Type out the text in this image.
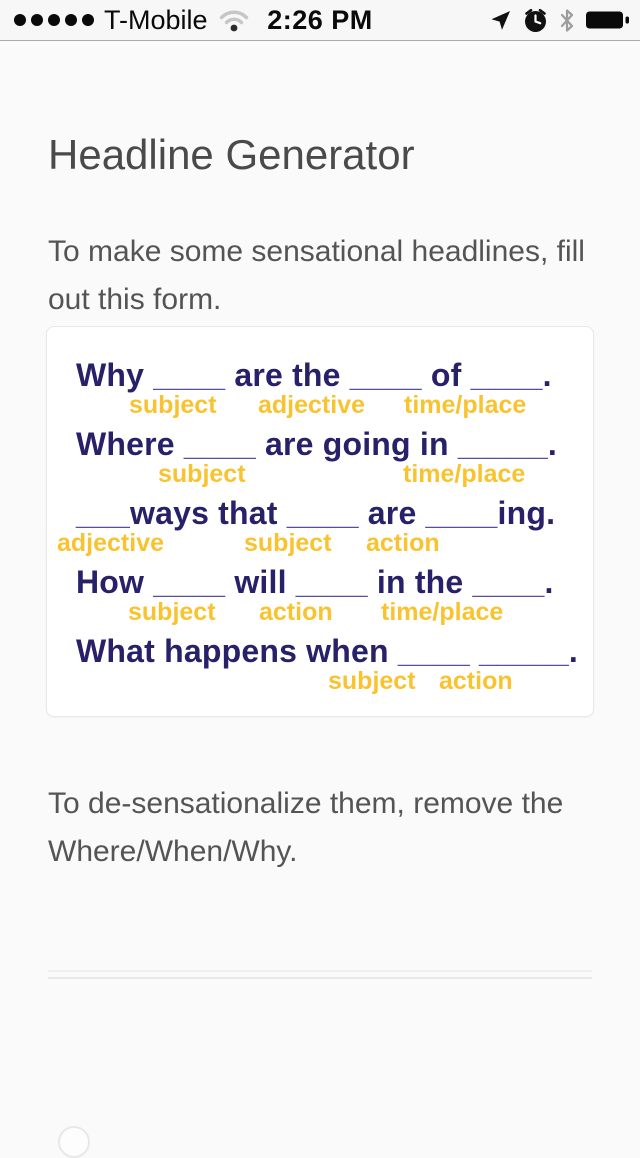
T-Mobile	2:26 PM
Headline Generator

To make some sensational headlines, fill out this form.

Why ____ are the ____ of ____.
subject adjective time/place
Where ____ are going in _____.
subject	time/place
___ways that ____ are ____ing.
adjective	subject action
How ____ will ____ in the ____.
subject action time/place
What happens when ____ _____.
subject action

To de-sensationalize them, remove the Where/When/Why.
